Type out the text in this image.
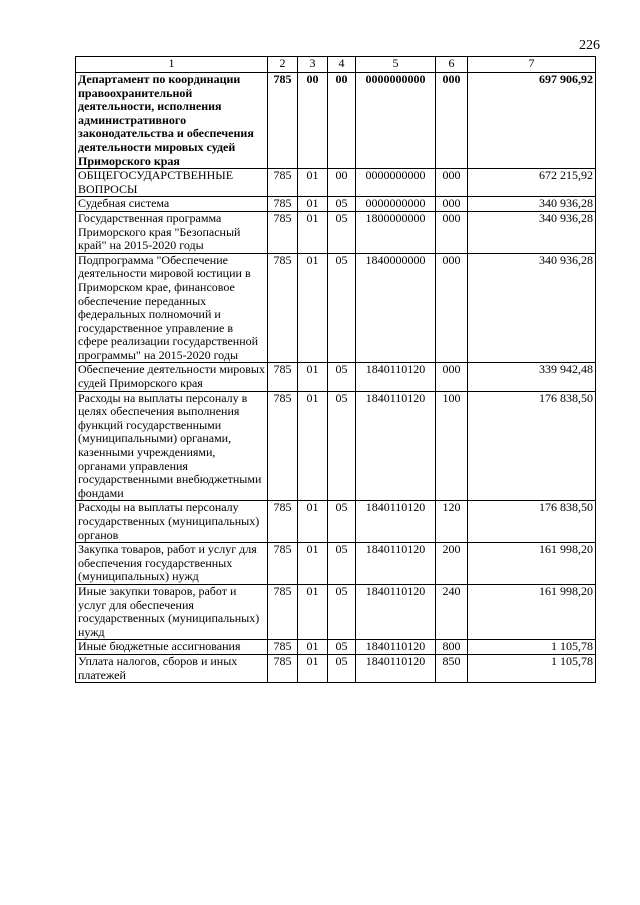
226
1	2	3	4	5	6	7
Департамент по координации правоохранительной деятельности, исполнения административного законодательства и обеспечения деятельности мировых судей Приморского края	785	00	00	0000000000	000	697 906,92
ОБЩЕГОСУДАРСТВЕННЫЕ ВОПРОСЫ	785	01	00	0000000000	000	672 215,92
Судебная система	785	01	05	0000000000	000	340 936,28
Государственная программа Приморского края "Безопасный край" на 2015-2020 годы	785	01	05	1800000000	000	340 936,28
Подпрограмма "Обеспечение деятельности мировой юстиции в Приморском крае, финансовое обеспечение переданных федеральных полномочий и государственное управление в сфере реализации государственной программы" на 2015-2020 годы	785	01	05	1840000000	000	340 936,28
Обеспечение деятельности мировых судей Приморского края	785	01	05	1840110120	000	339 942,48
Расходы на выплаты персоналу в целях обеспечения выполнения функций государственными (муниципальными) органами, казенными учреждениями, органами управления государственными внебюджетными фондами	785	01	05	1840110120	100	176 838,50
Расходы на выплаты персоналу государственных (муниципальных) органов	785	01	05	1840110120	120	176 838,50
Закупка товаров, работ и услуг для обеспечения государственных (муниципальных) нужд	785	01	05	1840110120	200	161 998,20
Иные закупки товаров, работ и услуг для обеспечения государственных (муниципальных) нужд	785	01	05	1840110120	240	161 998,20
Иные бюджетные ассигнования	785	01	05	1840110120	800	1 105,78
Уплата налогов, сборов и иных платежей	785	01	05	1840110120	850	1 105,78
